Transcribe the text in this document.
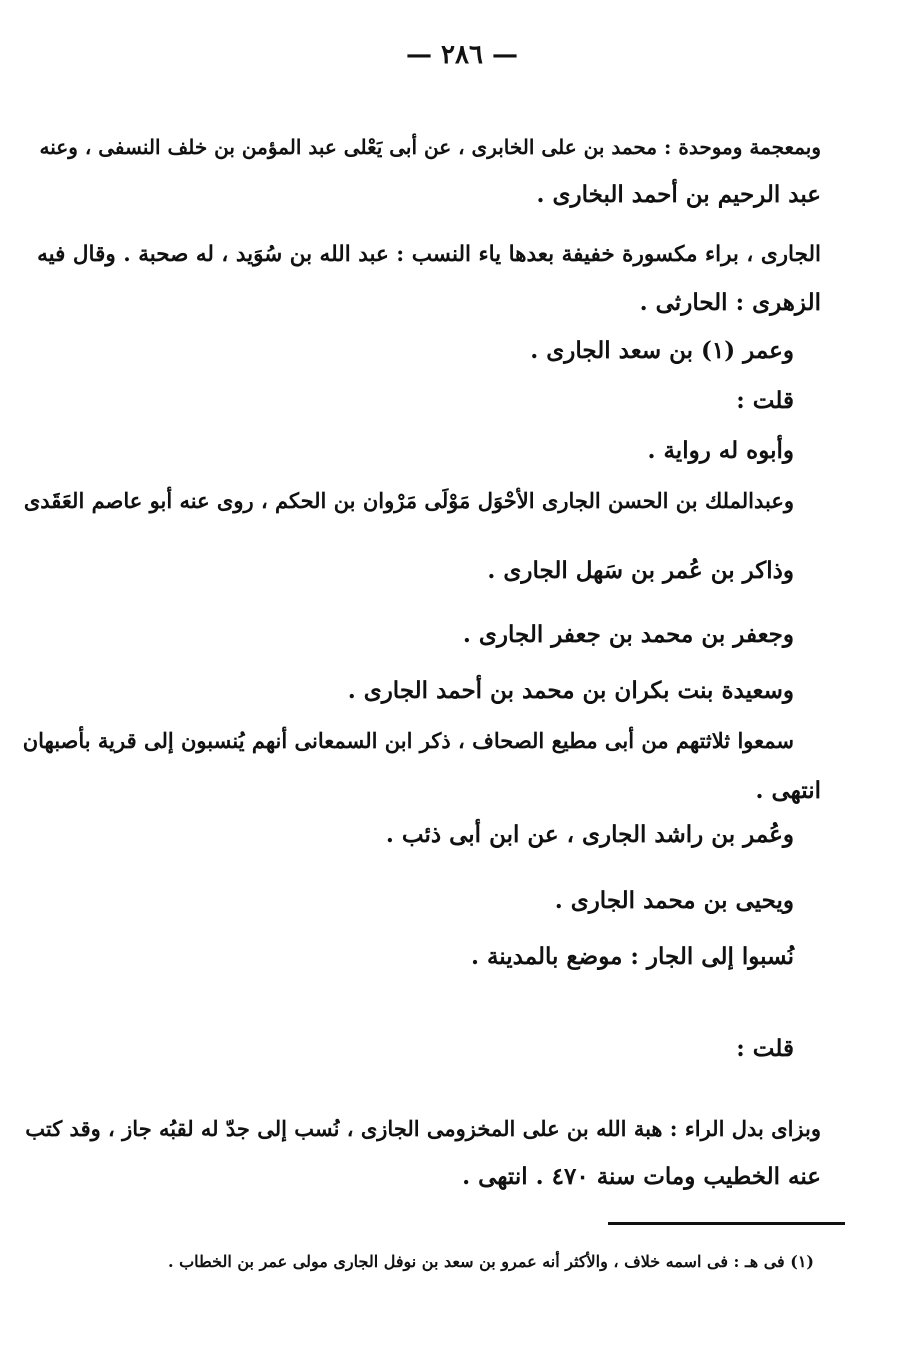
— ٢٨٦ —
وبمعجمة وموحدة : محمد بن على الخابرى ، عن أبى يَعْلى عبد المؤمن بن خلف النسفى ، وعنه
عبد الرحيم بن أحمد البخارى .
الجارى ، براء مكسورة خفيفة بعدها ياء النسب : عبد الله بن سُوَيد ، له صحبة . وقال فيه
الزهرى : الحارثى .
وعمر (١) بن سعد الجارى .
قلت :
وأبوه له رواية .
وعبدالملك بن الحسن الجارى الأحْوَل مَوْلَى مَرْوان بن الحكم ، روى عنه أبو عاصم العَقَدى
وذاكر بن عُمر بن سَهل الجارى .
وجعفر بن محمد بن جعفر الجارى .
وسعيدة بنت بكران بن محمد بن أحمد الجارى .
سمعوا ثلاثتهم من أبى مطيع الصحاف ، ذكر ابن السمعانى أنهم يُنسبون إلى قرية بأصبهان
انتهى .
وعُمر بن راشد الجارى ، عن ابن أبى ذئب .
ويحيى بن محمد الجارى .
نُسبوا إلى الجار : موضع بالمدينة .
قلت :
وبزاى بدل الراء : هبة الله بن على المخزومى الجازى ، نُسب إلى جدّ له لقبُه جاز ، وقد كتب
عنه الخطيب ومات سنة ٤٧٠ . انتهى .
(١) فى هـ : فى اسمه خلاف ، والأكثر أنه عمرو بن سعد بن نوفل الجارى مولى عمر بن الخطاب .
